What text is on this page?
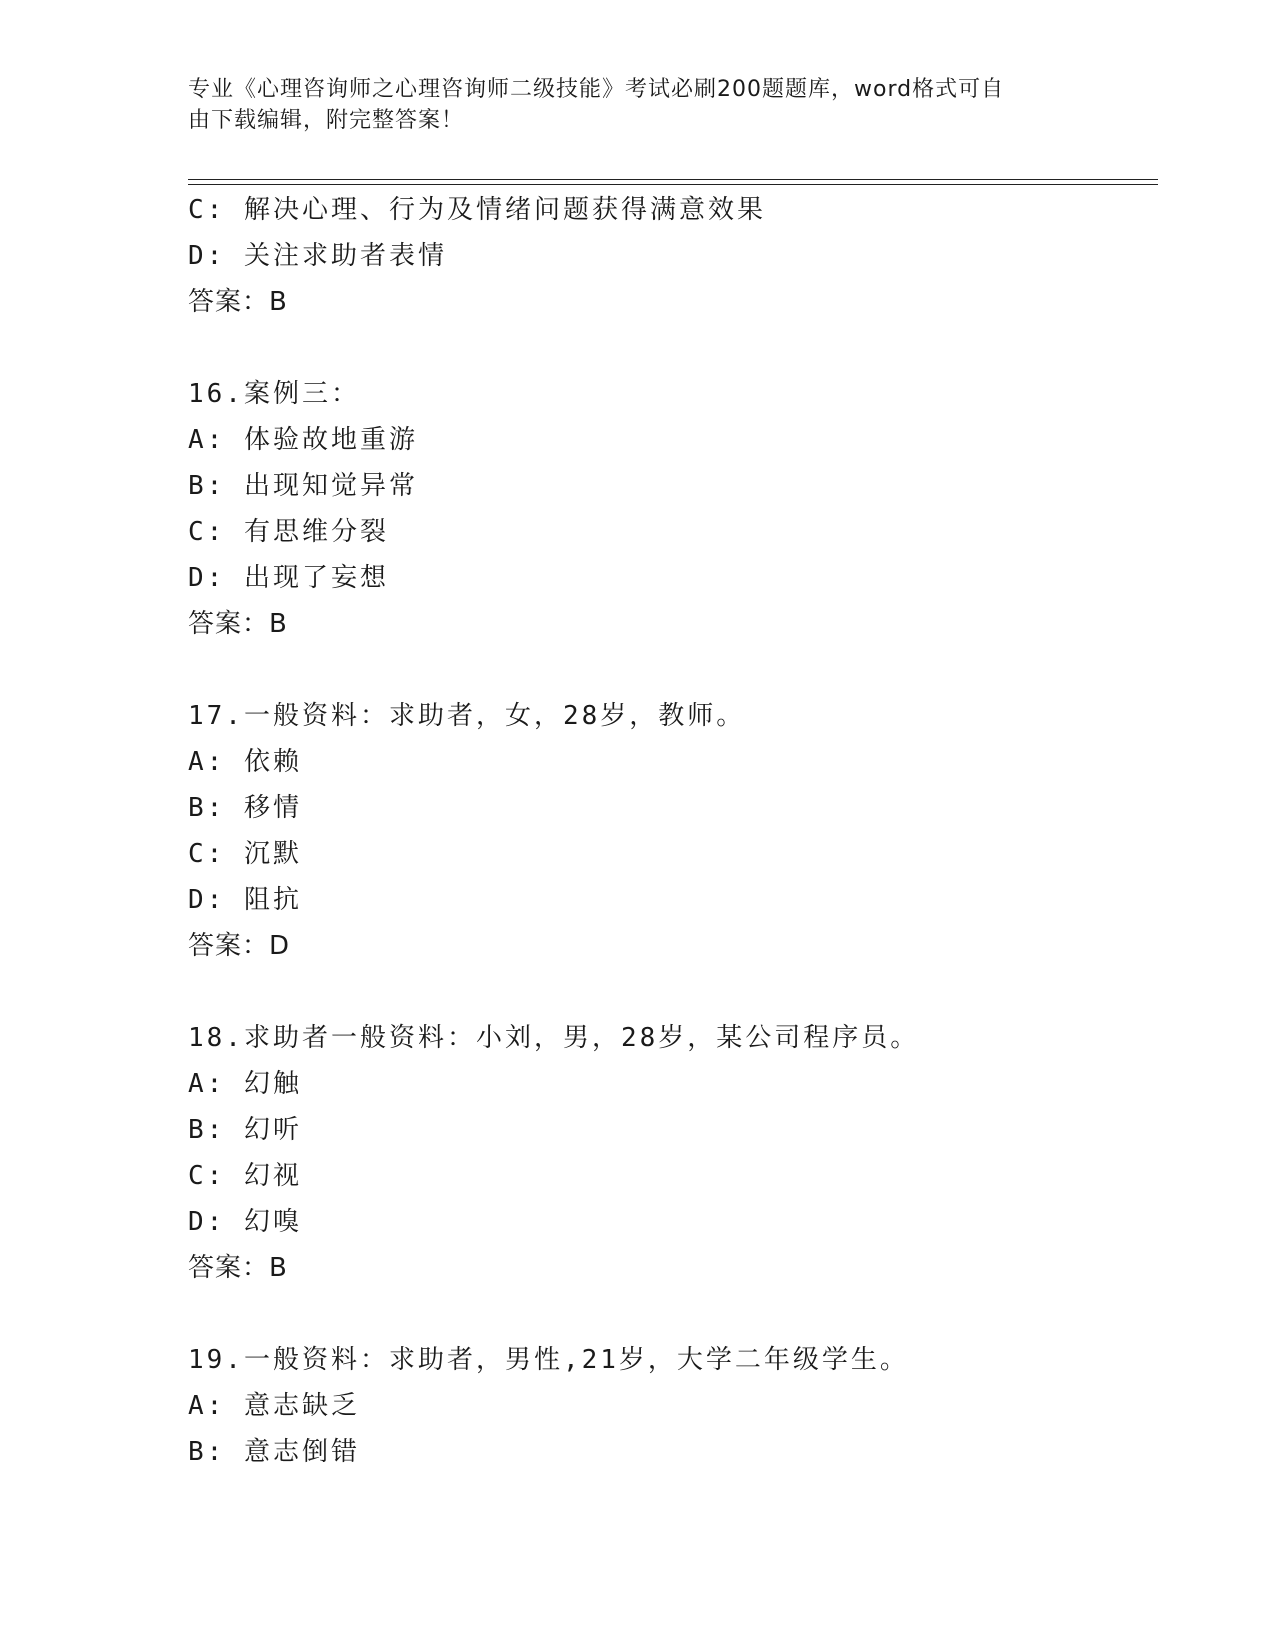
专业《心理咨询师之心理咨询师二级技能》考试必刷200题题库，word格式可自
由下载编辑，附完整答案！
C: 解决心理、行为及情绪问题获得满意效果
D: 关注求助者表情
答案：B
16.案例三：
A: 体验故地重游
B: 出现知觉异常
C: 有思维分裂
D: 出现了妄想
答案：B
17.一般资料：求助者，女，28岁，教师。
A: 依赖
B: 移情
C: 沉默
D: 阻抗
答案：D
18.求助者一般资料：小刘，男，28岁，某公司程序员。
A: 幻触
B: 幻听
C: 幻视
D: 幻嗅
答案：B
19.一般资料：求助者，男性,21岁，大学二年级学生。
A: 意志缺乏
B: 意志倒错
